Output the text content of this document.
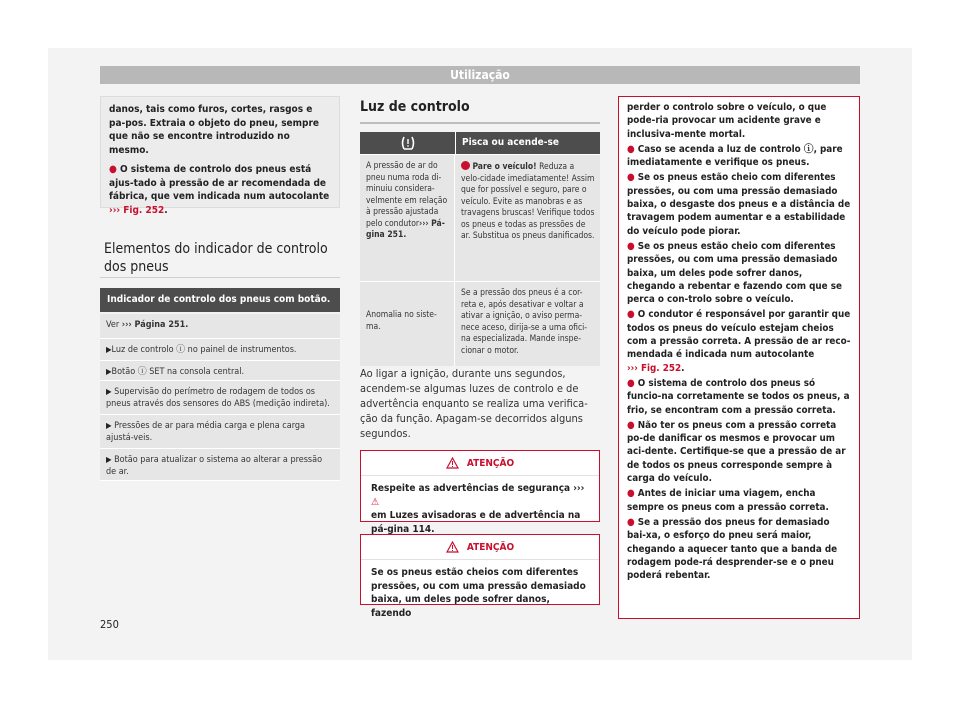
Utilização

danos, tais como furos, cortes, rasgos e pa-pos. Extraia o objeto do pneu, sempre que não se encontre introduzido no mesmo.

● O sistema de controlo dos pneus está ajus-tado à pressão de ar recomendada de fábrica, que vem indicada num autocolante
››› Fig. 252.

Elementos do indicador de controlo dos pneus
Indicador de controlo dos pneus com botão.
Ver ››› Página 251.
▶Luz de controlo ⓘ no painel de instrumentos.
▶Botão ⓘ SET na consola central.
▶ Supervisão do perímetro de rodagem de todos os pneus através dos sensores do ABS (medição indireta).
▶ Pressões de ar para média carga e plena carga ajustá-veis.
▶ Botão para atualizar o sistema ao alterar a pressão de ar.
Luz de controlo
Pisca ou acende-se
A pressão de ar do pneu numa roda di-minuiu considera-velmente em relação à pressão ajustada pelo condutor››› Pá-gina 251.
Pare o veículo! Reduza a velo-cidade imediatamente! Assim que for possível e seguro, pare o veículo. Evite as manobras e as travagens bruscas! Verifique todos os pneus e todas as pressões de ar. Substitua os pneus danificados.
Anomalia no siste-ma.
Se a pressão dos pneus é a cor-reta e, após desativar e voltar a ativar a ignição, o aviso perma-nece aceso, dirija-se a uma ofici-na especializada. Mande inspe-cionar o motor.
Ao ligar a ignição, durante uns segundos, acendem-se algumas luzes de controlo e de advertência enquanto se realiza uma verifica-ção da função. Apagam-se decorridos alguns segundos.
ATENÇÃO
Respeite as advertências de segurança ››› ⚠
em Luzes avisadoras e de advertência na pá-gina 114.
ATENÇÃO
Se os pneus estão cheios com diferentes pressões, ou com uma pressão demasiado baixa, um deles pode sofrer danos, fazendo

perder o controlo sobre o veículo, o que pode-ria provocar um acidente grave e inclusiva-mente mortal.

● Caso se acenda a luz de controlo ⓘ, pare imediatamente e verifique os pneus.

● Se os pneus estão cheio com diferentes pressões, ou com uma pressão demasiado baixa, o desgaste dos pneus e a distância de travagem podem aumentar e a estabilidade do veículo pode piorar.

● Se os pneus estão cheio com diferentes pressões, ou com uma pressão demasiado baixa, um deles pode sofrer danos, chegando a rebentar e fazendo com que se perca o con-trolo sobre o veículo.

● O condutor é responsável por garantir que todos os pneus do veículo estejam cheios com a pressão correta. A pressão de ar reco-mendada é indicada num autocolante
››› Fig. 252.

● O sistema de controlo dos pneus só funcio-na corretamente se todos os pneus, a frio, se encontram com a pressão correta.

● Não ter os pneus com a pressão correta po-de danificar os mesmos e provocar um aci-dente. Certifique-se que a pressão de ar de todos os pneus corresponde sempre à carga do veículo.

● Antes de iniciar uma viagem, encha sempre os pneus com a pressão correta.

● Se a pressão dos pneus for demasiado bai-xa, o esforço do pneu será maior, chegando a aquecer tanto que a banda de rodagem pode-rá desprender-se e o pneu poderá rebentar.

250
